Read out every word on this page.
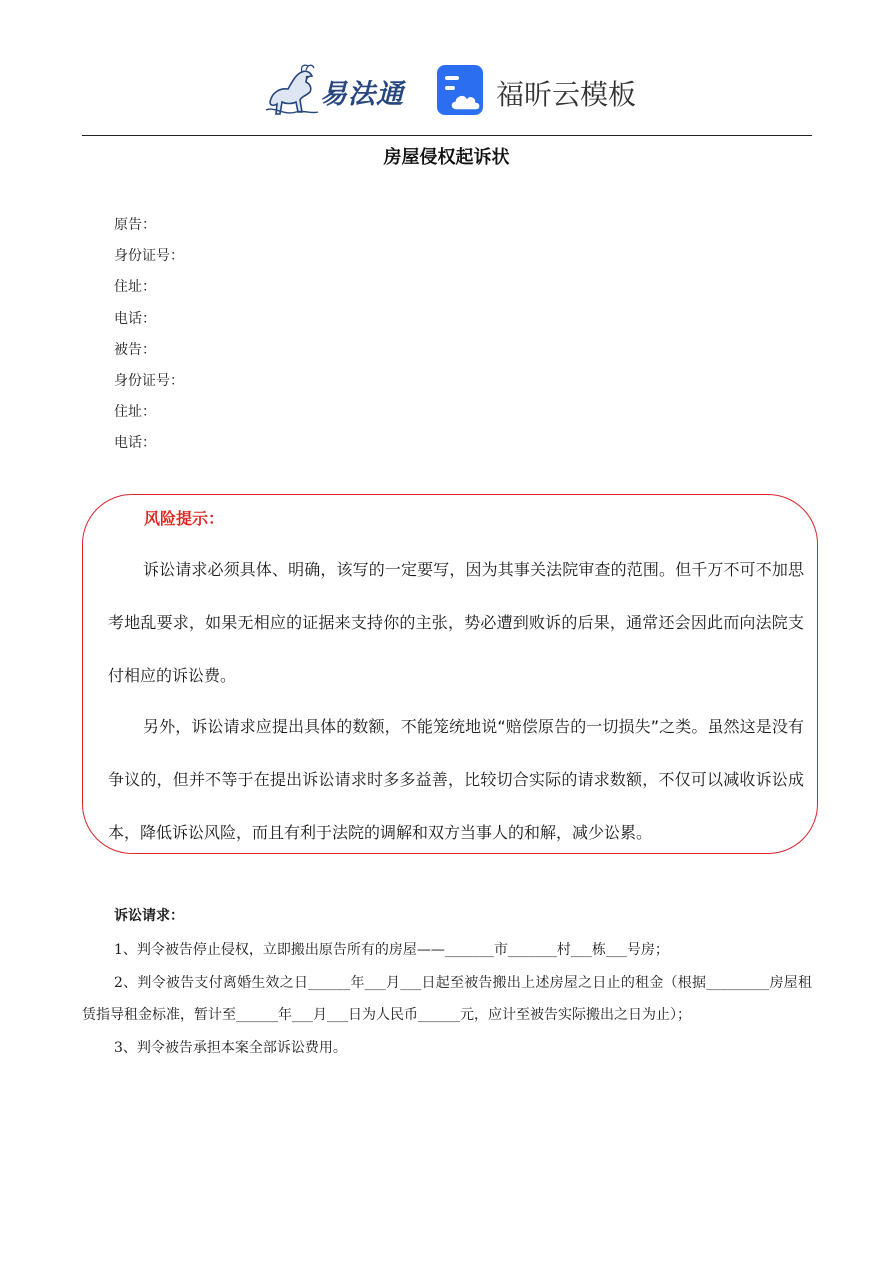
易法通	福昕云模板
房屋侵权起诉状
原告：
身份证号：
住址：
电话：
被告：
身份证号：
住址：
电话：
风险提示：
诉讼请求必须具体、明确，该写的一定要写，因为其事关法院审查的范围。但千万不可不加思考地乱要求，如果无相应的证据来支持你的主张，势必遭到败诉的后果，通常还会因此而向法院支付相应的诉讼费。
另外，诉讼请求应提出具体的数额，不能笼统地说“赔偿原告的一切损失”之类。虽然这是没有争议的，但并不等于在提出诉讼请求时多多益善，比较切合实际的请求数额，不仅可以减收诉讼成本，降低诉讼风险，而且有利于法院的调解和双方当事人的和解，减少讼累。
诉讼请求：
1、判令被告停止侵权，立即搬出原告所有的房屋——_______市_______村___栋___号房；
2、判令被告支付离婚生效之日______年___月___日起至被告搬出上述房屋之日止的租金（根据_________房屋租赁指导租金标准，暂计至______年___月___日为人民币______元，应计至被告实际搬出之日为止）；
3、判令被告承担本案全部诉讼费用。
